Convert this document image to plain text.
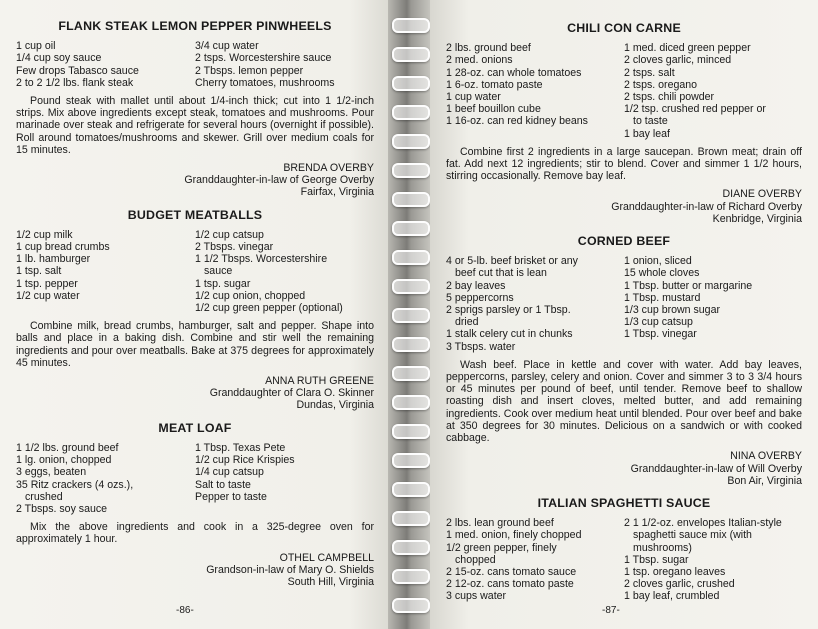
FLANK STEAK LEMON PEPPER PINWHEELS
1 cup oil
1/4 cup soy sauce
Few drops Tabasco sauce
2 to 2 1/2 lbs. flank steak
3/4 cup water
2 tsps. Worcestershire sauce
2 Tbsps. lemon pepper
Cherry tomatoes, mushrooms

Pound steak with mallet until about 1/4-inch thick; cut into 1 1/2-inch strips. Mix above ingredients except steak, tomatoes and mushrooms. Pour marinade over steak and refrigerate for several hours (overnight if possible). Roll around tomatoes/mushrooms and skewer. Grill over medium coals for 15 minutes.

BRENDA OVERBY
Granddaughter-in-law of George Overby
Fairfax, Virginia
BUDGET MEATBALLS
1/2 cup milk
1 cup bread crumbs
1 lb. hamburger
1 tsp. salt
1 tsp. pepper
1/2 cup water
1/2 cup catsup
2 Tbsps. vinegar
1 1/2 Tbsps. Worcestershire
sauce
1 tsp. sugar
1/2 cup onion, chopped
1/2 cup green pepper (optional)

Combine milk, bread crumbs, hamburger, salt and pepper. Shape into balls and place in a baking dish. Combine and stir well the remaining ingredients and pour over meatballs. Bake at 375 degrees for approximately 45 minutes.

ANNA RUTH GREENE
Granddaughter of Clara O. Skinner
Dundas, Virginia
MEAT LOAF
1 1/2 lbs. ground beef
1 lg. onion, chopped
3 eggs, beaten
35 Ritz crackers (4 ozs.),
crushed
2 Tbsps. soy sauce
1 Tbsp. Texas Pete
1/2 cup Rice Krispies
1/4 cup catsup
Salt to taste
Pepper to taste

Mix the above ingredients and cook in a 325-degree oven for approximately 1 hour.

OTHEL CAMPBELL
Grandson-in-law of Mary O. Shields
South Hill, Virginia
-86-
CHILI CON CARNE
2 lbs. ground beef
2 med. onions
1 28-oz. can whole tomatoes
1 6-oz. tomato paste
1 cup water
1 beef bouillon cube
1 16-oz. can red kidney beans
1 med. diced green pepper
2 cloves garlic, minced
2 tsps. salt
2 tsps. oregano
2 tsps. chili powder
1/2 tsp. crushed red pepper or
to taste
1 bay leaf

Combine first 2 ingredients in a large saucepan. Brown meat; drain off fat. Add next 12 ingredients; stir to blend. Cover and simmer 1 1/2 hours, stirring occasionally. Remove bay leaf.

DIANE OVERBY
Granddaughter-in-law of Richard Overby
Kenbridge, Virginia
CORNED BEEF
4 or 5-lb. beef brisket or any
beef cut that is lean
2 bay leaves
5 peppercorns
2 sprigs parsley or 1 Tbsp.
dried
1 stalk celery cut in chunks
3 Tbsps. water
1 onion, sliced
15 whole cloves
1 Tbsp. butter or margarine
1 Tbsp. mustard
1/3 cup brown sugar
1/3 cup catsup
1 Tbsp. vinegar

Wash beef. Place in kettle and cover with water. Add bay leaves, peppercorns, parsley, celery and onion. Cover and simmer 3 to 3 3/4 hours or 45 minutes per pound of beef, until tender. Remove beef to shallow roasting dish and insert cloves, melted butter, and add remaining ingredients. Cook over medium heat until blended. Pour over beef and bake at 350 degrees for 30 minutes. Delicious on a sandwich or with cooked cabbage.

NINA OVERBY
Granddaughter-in-law of Will Overby
Bon Air, Virginia
ITALIAN SPAGHETTI SAUCE
2 lbs. lean ground beef
1 med. onion, finely chopped
1/2 green pepper, finely
chopped
2 15-oz. cans tomato sauce
2 12-oz. cans tomato paste
3 cups water
2 1 1/2-oz. envelopes Italian-style
spaghetti sauce mix (with
mushrooms)
1 Tbsp. sugar
1 tsp. oregano leaves
2 cloves garlic, crushed
1 bay leaf, crumbled
-87-
